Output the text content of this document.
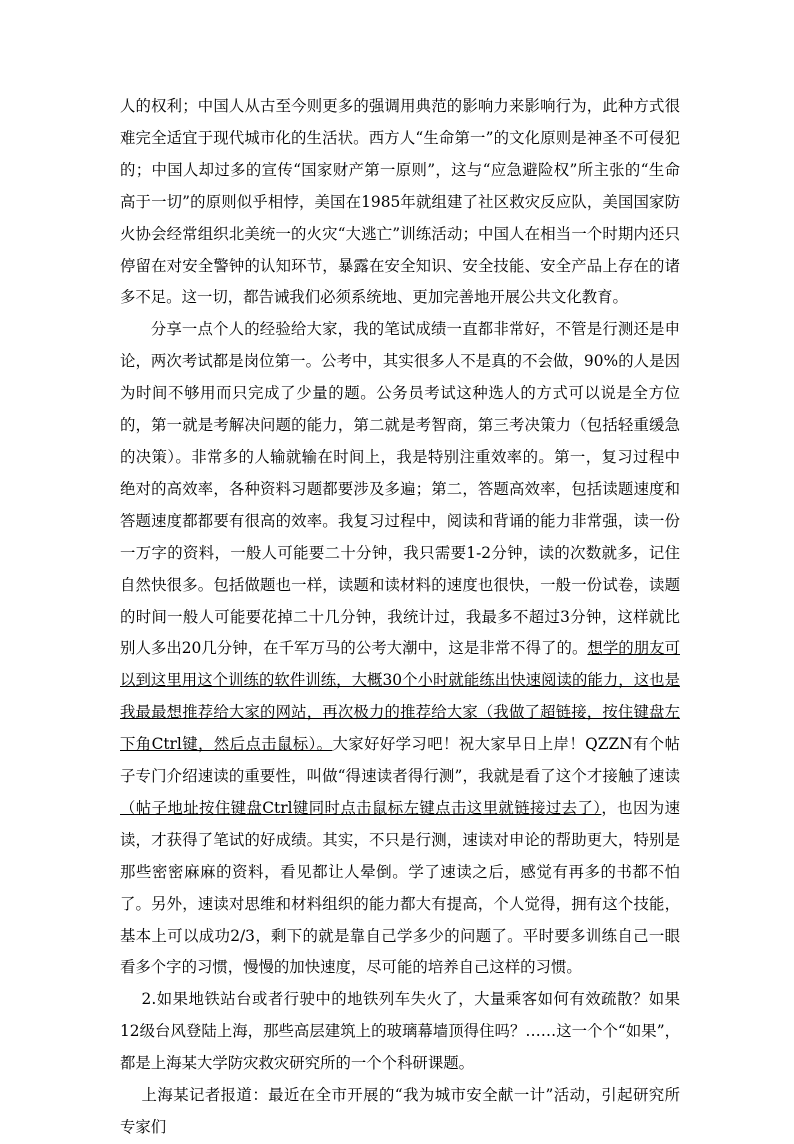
人的权利；中国人从古至今则更多的强调用典范的影响力来影响行为，此种方式很难完全适宜于现代城市化的生活状。西方人“生命第一”的文化原则是神圣不可侵犯的；中国人却过多的宣传“国家财产第一原则”，这与“应急避险权”所主张的“生命高于一切”的原则似乎相悖，美国在1985年就组建了社区救灾反应队，美国国家防火协会经常组织北美统一的火灾“大逃亡”训练活动；中国人在相当一个时期内还只停留在对安全警钟的认知环节，暴露在安全知识、安全技能、安全产品上存在的诸多不足。这一切，都告诫我们必须系统地、更加完善地开展公共文化教育。

分享一点个人的经验给大家，我的笔试成绩一直都非常好，不管是行测还是申论，两次考试都是岗位第一。公考中，其实很多人不是真的不会做，90%的人是因为时间不够用而只完成了少量的题。公务员考试这种选人的方式可以说是全方位的，第一就是考解决问题的能力，第二就是考智商，第三考决策力（包括轻重缓急的决策）。非常多的人输就输在时间上，我是特别注重效率的。第一，复习过程中绝对的高效率，各种资料习题都要涉及多遍；第二，答题高效率，包括读题速度和答题速度都都要有很高的效率。我复习过程中，阅读和背诵的能力非常强，读一份一万字的资料，一般人可能要二十分钟，我只需要1-2分钟，读的次数就多，记住自然快很多。包括做题也一样，读题和读材料的速度也很快，一般一份试卷，读题的时间一般人可能要花掉二十几分钟，我统计过，我最多不超过3分钟，这样就比别人多出20几分钟，在千军万马的公考大潮中，这是非常不得了的。想学的朋友可以到这里用这个训练的软件训练，大概30个小时就能练出快速阅读的能力，这也是我最最想推荐给大家的网站，再次极力的推荐给大家（我做了超链接，按住键盘左下角Ctrl键，然后点击鼠标）。大家好好学习吧！祝大家早日上岸！QZZN有个帖子专门介绍速读的重要性，叫做“得速读者得行测”，我就是看了这个才接触了速读（帖子地址按住键盘Ctrl键同时点击鼠标左键点击这里就链接过去了），也因为速读，才获得了笔试的好成绩。其实，不只是行测，速读对申论的帮助更大，特别是那些密密麻麻的资料，看见都让人晕倒。学了速读之后，感觉有再多的书都不怕了。另外，速读对思维和材料组织的能力都大有提高，个人觉得，拥有这个技能，基本上可以成功2/3，剩下的就是靠自己学多少的问题了。平时要多训练自己一眼看多个字的习惯，慢慢的加快速度，尽可能的培养自己这样的习惯。

2.如果地铁站台或者行驶中的地铁列车失火了，大量乘客如何有效疏散？如果12级台风登陆上海，那些高层建筑上的玻璃幕墙顶得住吗？……这一个个“如果”，都是上海某大学防灾救灾研究所的一个个科研课题。

上海某记者报道：最近在全市开展的“我为城市安全献一计”活动，引起研究所专家们
